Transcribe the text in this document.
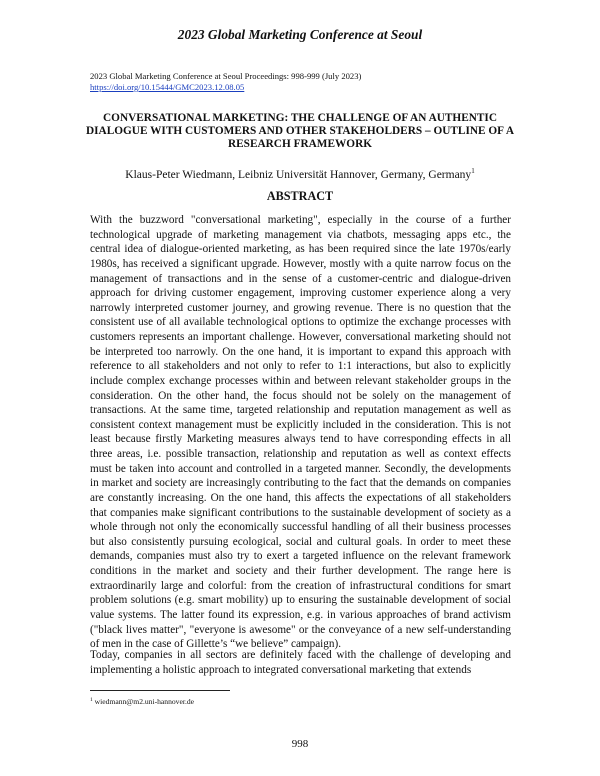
2023 Global Marketing Conference at Seoul
2023 Global Marketing Conference at Seoul Proceedings: 998-999 (July 2023)
https://doi.org/10.15444/GMC2023.12.08.05
CONVERSATIONAL MARKETING: THE CHALLENGE OF AN AUTHENTIC DIALOGUE WITH CUSTOMERS AND OTHER STAKEHOLDERS – OUTLINE OF A RESEARCH FRAMEWORK
Klaus-Peter Wiedmann, Leibniz Universität Hannover, Germany, Germany$^1$
ABSTRACT
With the buzzword "conversational marketing", especially in the course of a further technological upgrade of marketing management via chatbots, messaging apps etc., the central idea of dialogue-oriented marketing, as has been required since the late 1970s/early 1980s, has received a significant upgrade. However, mostly with a quite narrow focus on the management of transactions and in the sense of a customer-centric and dialogue-driven approach for driving customer engagement, improving customer experience along a very narrowly interpreted customer journey, and growing revenue. There is no question that the consistent use of all available technological options to optimize the exchange processes with customers represents an important challenge. However, conversational marketing should not be interpreted too narrowly. On the one hand, it is important to expand this approach with reference to all stakeholders and not only to refer to 1:1 interactions, but also to explicitly include complex exchange processes within and between relevant stakeholder groups in the consideration. On the other hand, the focus should not be solely on the management of transactions. At the same time, targeted relationship and reputation management as well as consistent context management must be explicitly included in the consideration. This is not least because firstly Marketing measures always tend to have corresponding effects in all three areas, i.e. possible transaction, relationship and reputation as well as context effects must be taken into account and controlled in a targeted manner. Secondly, the developments in market and society are increasingly contributing to the fact that the demands on companies are constantly increasing. On the one hand, this affects the expectations of all stakeholders that companies make significant contributions to the sustainable development of society as a whole through not only the economically successful handling of all their business processes but also consistently pursuing ecological, social and cultural goals. In order to meet these demands, companies must also try to exert a targeted influence on the relevant framework conditions in the market and society and their further development. The range here is extraordinarily large and colorful: from the creation of infrastructural conditions for smart problem solutions (e.g. smart mobility) up to ensuring the sustainable development of social value systems. The latter found its expression, e.g. in various approaches of brand activism ("black lives matter", "everyone is awesome" or the conveyance of a new self-understanding of men in the case of Gillette’s “we believe” campaign).
Today, companies in all sectors are definitely faced with the challenge of developing and implementing a holistic approach to integrated conversational marketing that extends
$^1$ wiedmann@m2.uni-hannover.de
998
